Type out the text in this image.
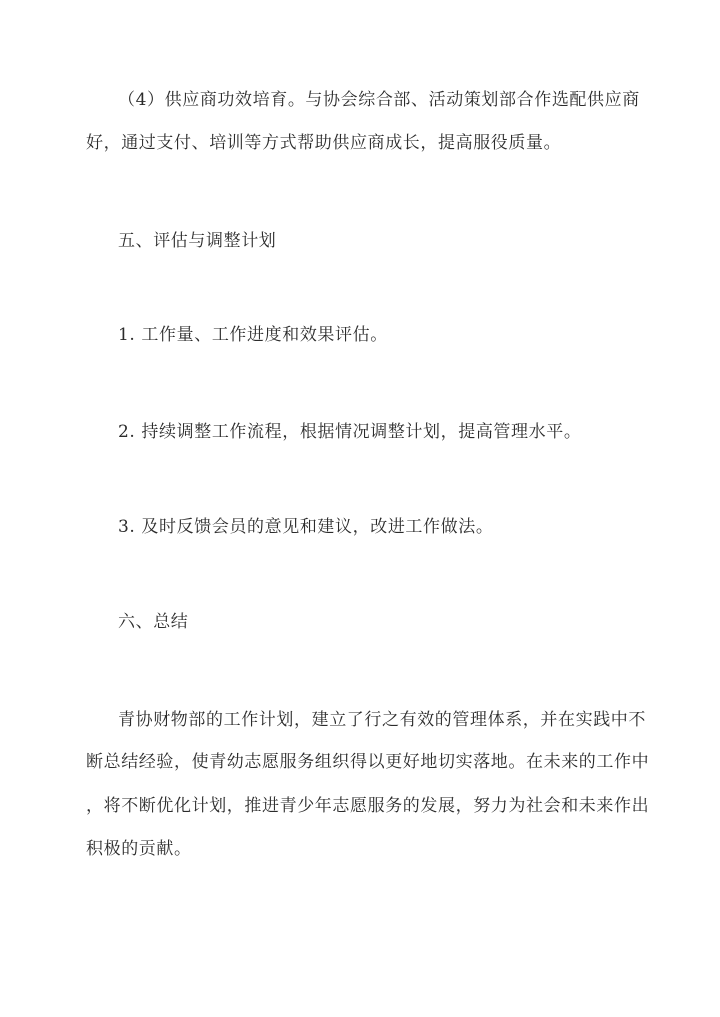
（4）供应商功效培育。与协会综合部、活动策划部合作选配供应商
好，通过支付、培训等方式帮助供应商成长，提高服役质量。
五、评估与调整计划
1. 工作量、工作进度和效果评估。
2. 持续调整工作流程，根据情况调整计划，提高管理水平。
3. 及时反馈会员的意见和建议，改进工作做法。
六、总结
青协财物部的工作计划，建立了行之有效的管理体系，并在实践中不
断总结经验，使青幼志愿服务组织得以更好地切实落地。在未来的工作中
，将不断优化计划，推进青少年志愿服务的发展，努力为社会和未来作出
积极的贡献。
